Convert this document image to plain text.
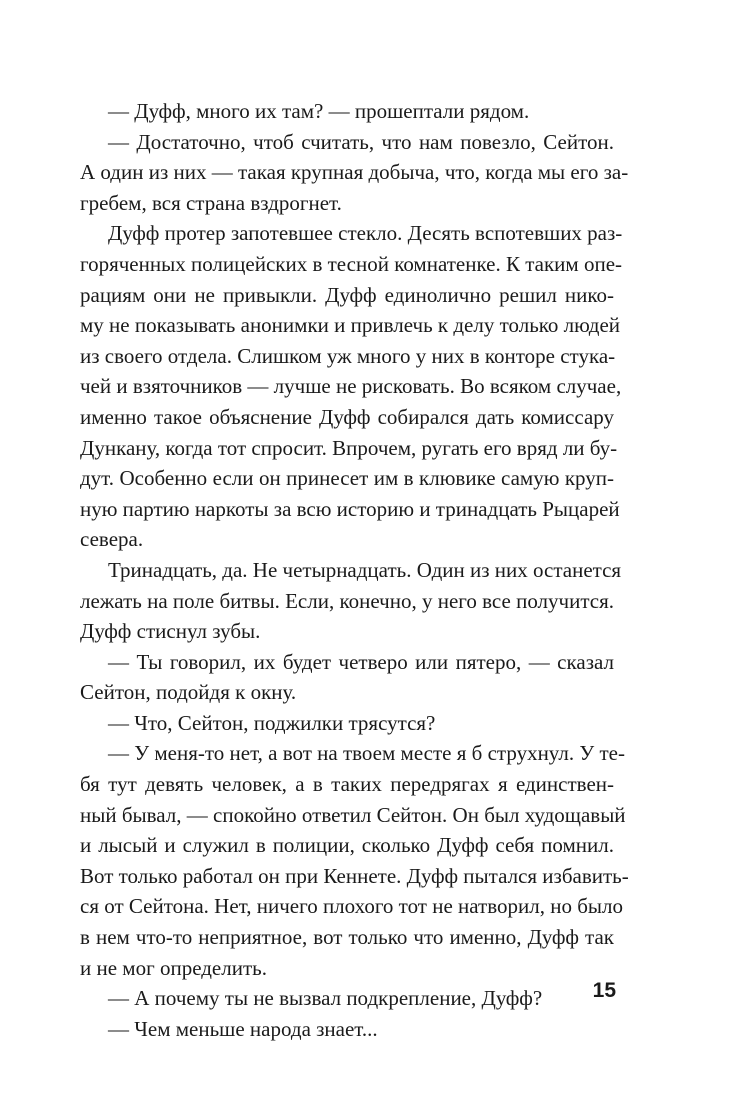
— Дуфф, много их там? — прошептали рядом.
— Достаточно, чтоб считать, что нам повезло, Сейтон.
А один из них — такая крупная добыча, что, когда мы его за-
гребем, вся страна вздрогнет.
Дуфф протер запотевшее стекло. Десять вспотевших раз-
горяченных полицейских в тесной комнатенке. К таким опе-
рациям они не привыкли. Дуфф единолично решил нико-
му не показывать анонимки и привлечь к делу только людей
из своего отдела. Слишком уж много у них в конторе стука-
чей и взяточников — лучше не рисковать. Во всяком случае,
именно такое объяснение Дуфф собирался дать комиссару
Дункану, когда тот спросит. Впрочем, ругать его вряд ли бу-
дут. Особенно если он принесет им в клювике самую круп-
ную партию наркоты за всю историю и тринадцать Рыцарей
севера.
Тринадцать, да. Не четырнадцать. Один из них останется
лежать на поле битвы. Если, конечно, у него все получится.
Дуфф стиснул зубы.
— Ты говорил, их будет четверо или пятеро, — сказал
Сейтон, подойдя к окну.
— Что, Сейтон, поджилки трясутся?
— У меня-то нет, а вот на твоем месте я б струхнул. У те-
бя тут девять человек, а в таких передрягах я единствен-
ный бывал, — спокойно ответил Сейтон. Он был худощавый
и лысый и служил в полиции, сколько Дуфф себя помнил.
Вот только работал он при Кеннете. Дуфф пытался избавить-
ся от Сейтона. Нет, ничего плохого тот не натворил, но было
в нем что-то неприятное, вот только что именно, Дуфф так
и не мог определить.
— А почему ты не вызвал подкрепление, Дуфф?
— Чем меньше народа знает...
15
